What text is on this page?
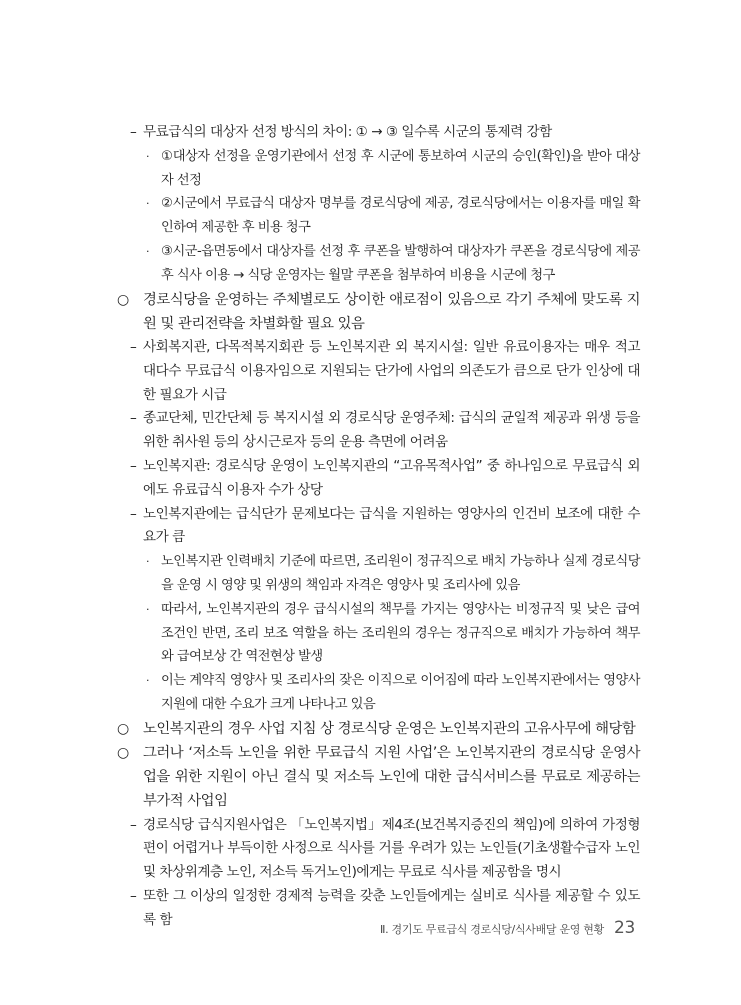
– 무료급식의 대상자 선정 방식의 차이: ① → ③ 일수록 시군의 통제력 강함
· ①대상자 선정을 운영기관에서 선정 후 시군에 통보하여 시군의 승인(확인)을 받아 대상자 선정
· ②시군에서 무료급식 대상자 명부를 경로식당에 제공, 경로식당에서는 이용자를 매일 확인하여 제공한 후 비용 청구
· ③시군-읍면동에서 대상자를 선정 후 쿠폰을 발행하여 대상자가 쿠폰을 경로식당에 제공 후 식사 이용 → 식당 운영자는 월말 쿠폰을 첨부하여 비용을 시군에 청구
○ 경로식당을 운영하는 주체별로도 상이한 애로점이 있음으로 각기 주체에 맞도록 지원 및 관리전략을 차별화할 필요 있음
– 사회복지관, 다목적복지회관 등 노인복지관 외 복지시설: 일반 유료이용자는 매우 적고 대다수 무료급식 이용자임으로 지원되는 단가에 사업의 의존도가 큼으로 단가 인상에 대한 필요가 시급
– 종교단체, 민간단체 등 복지시설 외 경로식당 운영주체: 급식의 균일적 제공과 위생 등을 위한 취사원 등의 상시근로자 등의 운용 측면에 어려움
– 노인복지관: 경로식당 운영이 노인복지관의 “고유목적사업” 중 하나임으로 무료급식 외에도 유료급식 이용자 수가 상당
– 노인복지관에는 급식단가 문제보다는 급식을 지원하는 영양사의 인건비 보조에 대한 수요가 큼
· 노인복지관 인력배치 기준에 따르면, 조리원이 정규직으로 배치 가능하나 실제 경로식당을 운영 시 영양 및 위생의 책임과 자격은 영양사 및 조리사에 있음
· 따라서, 노인복지관의 경우 급식시설의 책무를 가지는 영양사는 비정규직 및 낮은 급여조건인 반면, 조리 보조 역할을 하는 조리원의 경우는 정규직으로 배치가 가능하여 책무와 급여보상 간 역전현상 발생
· 이는 계약직 영양사 및 조리사의 잦은 이직으로 이어짐에 따라 노인복지관에서는 영양사 지원에 대한 수요가 크게 나타나고 있음
○ 노인복지관의 경우 사업 지침 상 경로식당 운영은 노인복지관의 고유사무에 해당함
○ 그러나 ‘저소득 노인을 위한 무료급식 지원 사업’은 노인복지관의 경로식당 운영사업을 위한 지원이 아닌 결식 및 저소득 노인에 대한 급식서비스를 무료로 제공하는 부가적 사업임
– 경로식당 급식지원사업은 「노인복지법」제4조(보건복지증진의 책임)에 의하여 가정형편이 어렵거나 부득이한 사정으로 식사를 거를 우려가 있는 노인들(기초생활수급자 노인 및 차상위계층 노인, 저소득 독거노인)에게는 무료로 식사를 제공함을 명시
– 또한 그 이상의 일정한 경제적 능력을 갖춘 노인들에게는 실비로 식사를 제공할 수 있도록 함
Ⅱ. 경기도 무료급식 경로식당/식사배달 운영 현황 23
